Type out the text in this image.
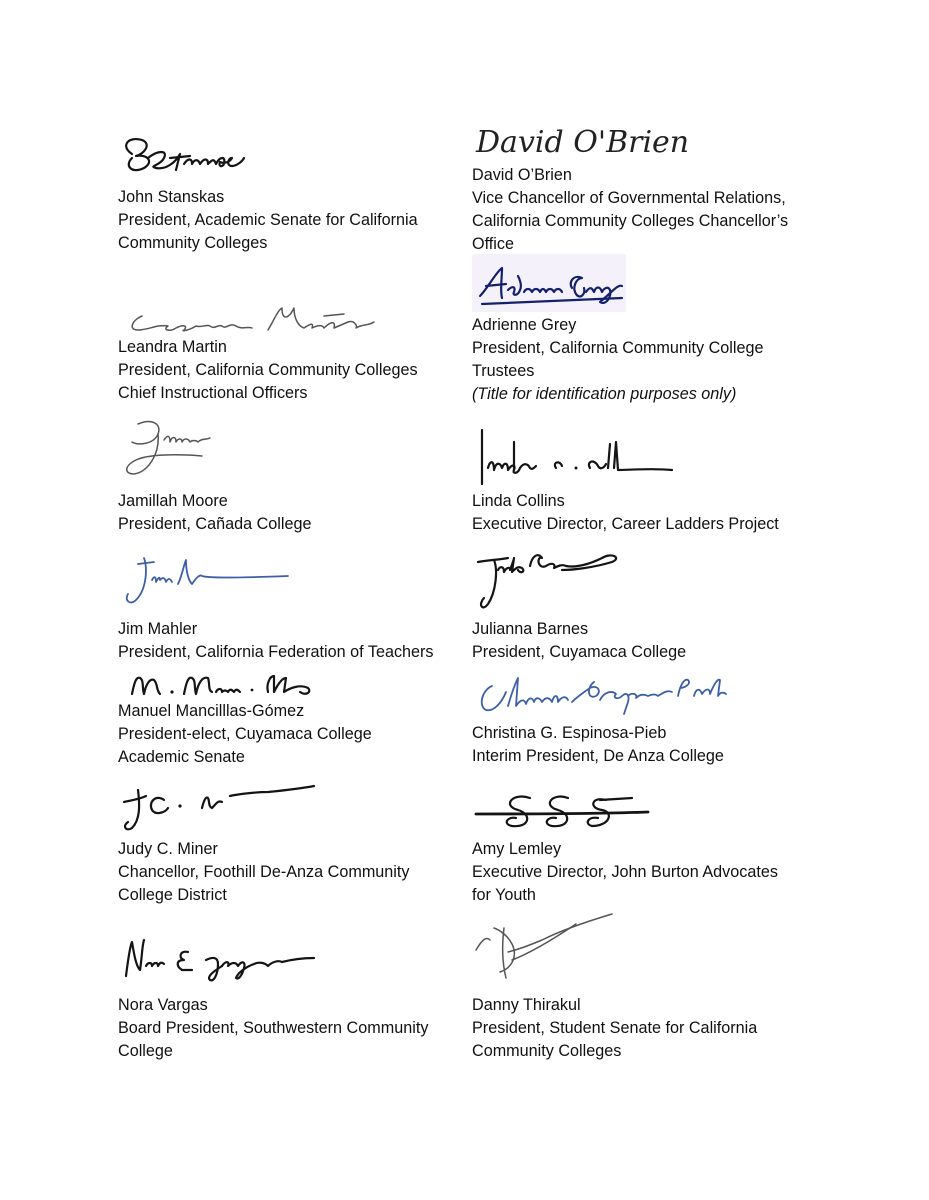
John Stanskas
President, Academic Senate for California
Community Colleges
David O'Brien
David O’Brien
Vice Chancellor of Governmental Relations,
California Community Colleges Chancellor’s
Office
Leandra Martin
President, California Community Colleges
Chief Instructional Officers
Adrienne Grey
President, California Community College
Trustees
(Title for identification purposes only)
Jamillah Moore
President, Cañada College
Linda Collins
Executive Director, Career Ladders Project
Jim Mahler
President, California Federation of Teachers
Julianna Barnes
President, Cuyamaca College
Manuel Mancilllas-Gómez
President-elect, Cuyamaca College
Academic Senate
Christina G. Espinosa-Pieb
Interim President, De Anza College
Judy C. Miner
Chancellor, Foothill De-Anza Community
College District
Amy Lemley
Executive Director, John Burton Advocates
for Youth
Nora Vargas
Board President, Southwestern Community
College
Danny Thirakul
President, Student Senate for California
Community Colleges
